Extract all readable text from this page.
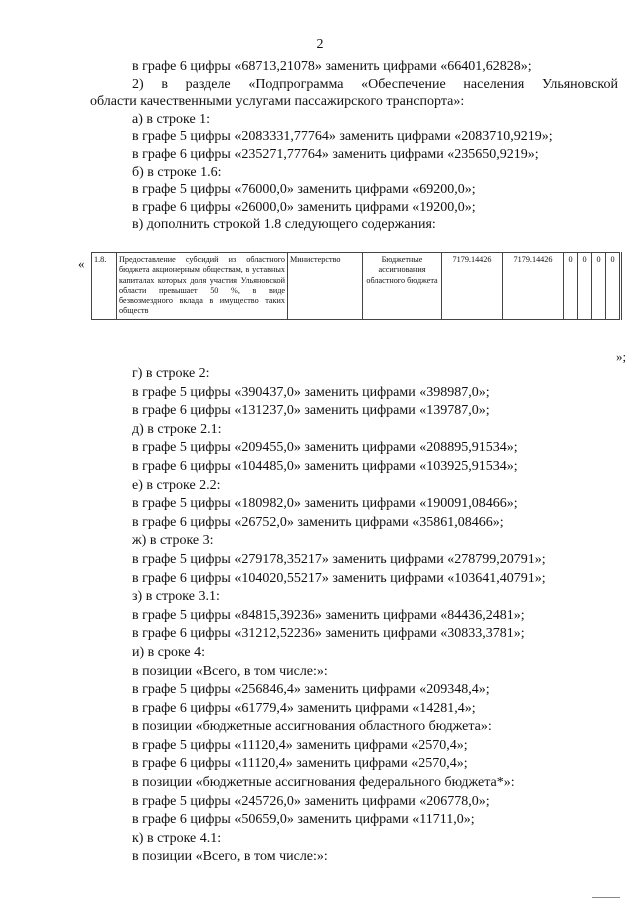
2
в графе 6 цифры «68713,21078» заменить цифрами «66401,62828»;
2) в разделе «Подпрограмма «Обеспечение населения Ульяновской
области качественными услугами пассажирского транспорта»:
а) в строке 1:
в графе 5 цифры «2083331,77764» заменить цифрами «2083710,9219»;
в графе 6 цифры «235271,77764» заменить цифрами «235650,9219»;
б) в строке 1.6:
в графе 5 цифры «76000,0» заменить цифрами «69200,0»;
в графе 6 цифры «26000,0» заменить цифрами «19200,0»;
в) дополнить строкой 1.8 следующего содержания:
« 1.8.	Предоставление субсидий из областного бюджета акционерным обществам, в уставных капиталах которых доля участия Ульяновской области превышает 50 %, в виде безвозмездного вклада в имущество таких обществ	Министерство	Бюджетные ассигнования областного бюджета	7179.14426	7179.14426	0	0	0	0
»;
г) в строке 2:
в графе 5 цифры «390437,0» заменить цифрами «398987,0»;
в графе 6 цифры «131237,0» заменить цифрами «139787,0»;
д) в строке 2.1:
в графе 5 цифры «209455,0» заменить цифрами «208895,91534»;
в графе 6 цифры «104485,0» заменить цифрами «103925,91534»;
е) в строке 2.2:
в графе 5 цифры «180982,0» заменить цифрами «190091,08466»;
в графе 6 цифры «26752,0» заменить цифрами «35861,08466»;
ж) в строке 3:
в графе 5 цифры «279178,35217» заменить цифрами «278799,20791»;
в графе 6 цифры «104020,55217» заменить цифрами «103641,40791»;
з) в строке 3.1:
в графе 5 цифры «84815,39236» заменить цифрами «84436,2481»;
в графе 6 цифры «31212,52236» заменить цифрами «30833,3781»;
и) в сроке 4:
в позиции «Всего, в том числе:»:
в графе 5 цифры «256846,4» заменить цифрами «209348,4»;
в графе 6 цифры «61779,4» заменить цифрами «14281,4»;
в позиции «бюджетные ассигнования областного бюджета»:
в графе 5 цифры «11120,4» заменить цифрами «2570,4»;
в графе 6 цифры «11120,4» заменить цифрами «2570,4»;
в позиции «бюджетные ассигнования федерального бюджета*»:
в графе 5 цифры «245726,0» заменить цифрами «206778,0»;
в графе 6 цифры «50659,0» заменить цифрами «11711,0»;
к) в строке 4.1:
в позиции «Всего, в том числе:»:
